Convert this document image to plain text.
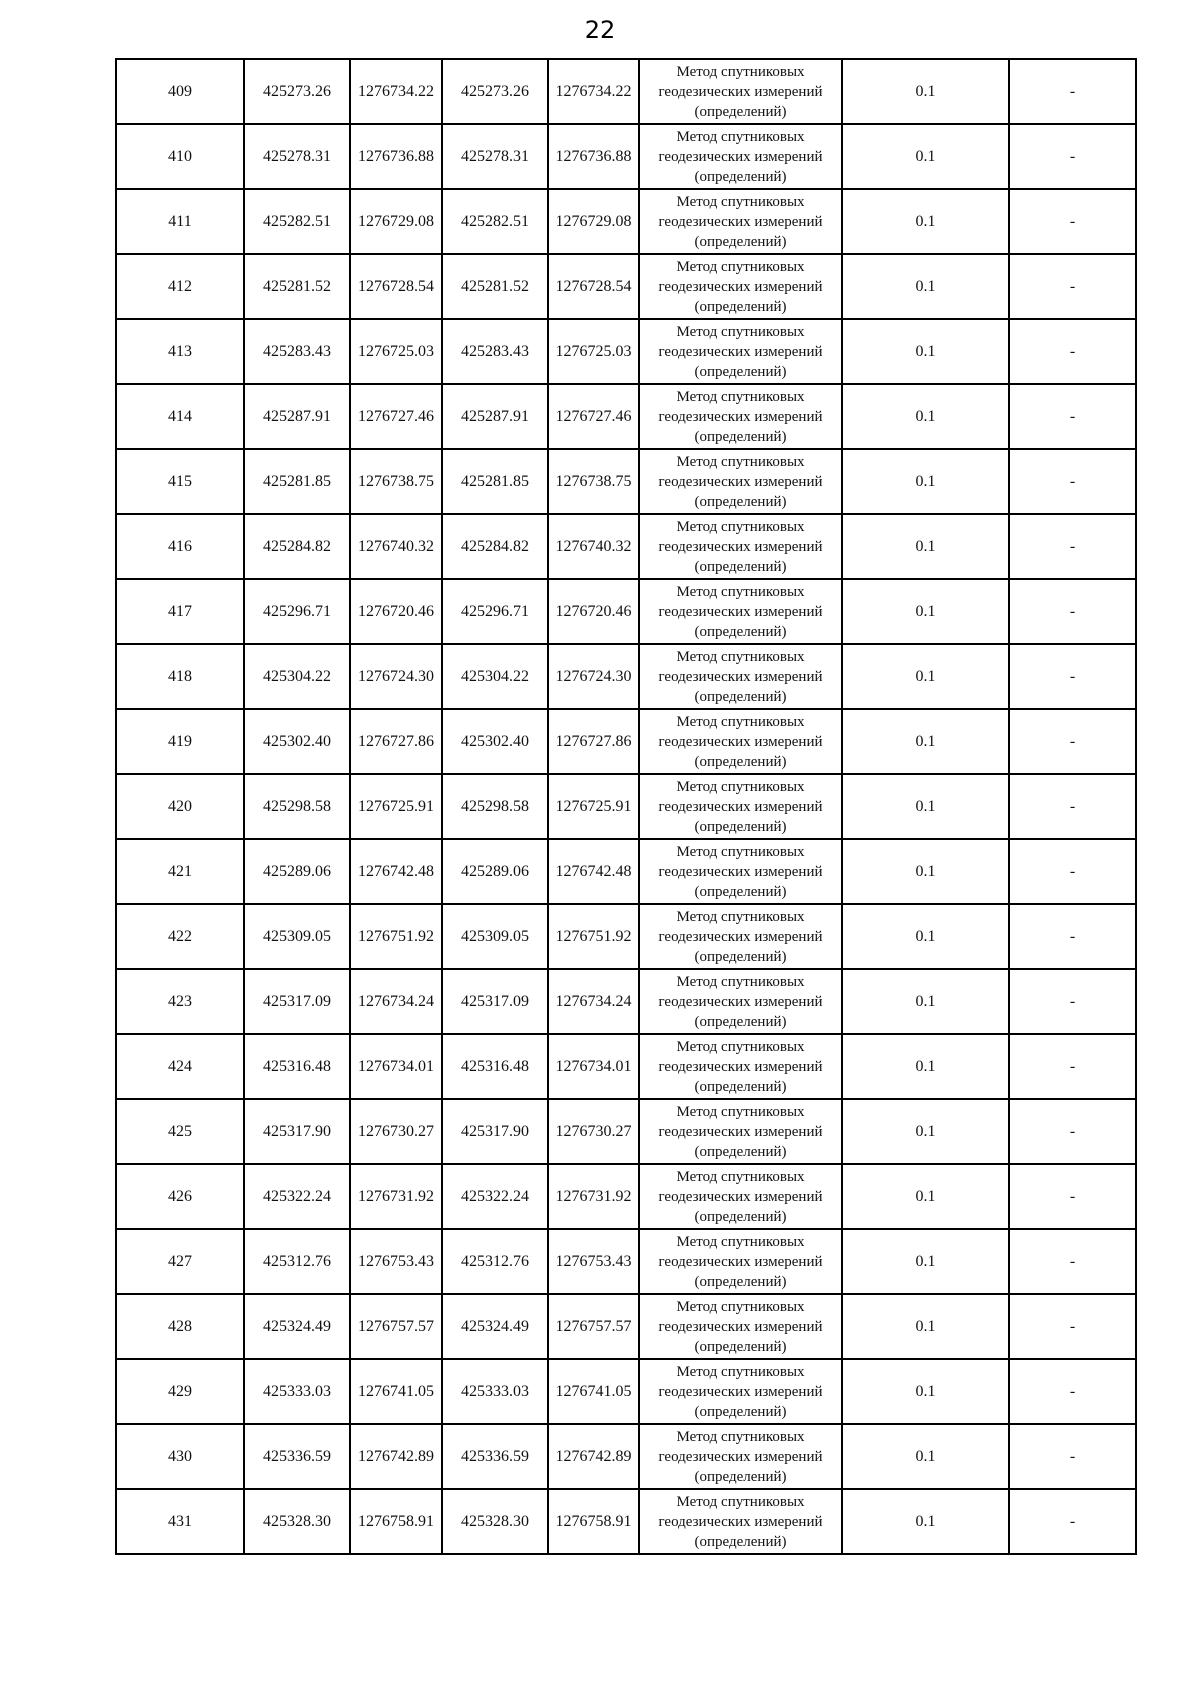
22
409	425273.26	1276734.22	425273.26	1276734.22	Метод спутниковых
геодезических измерений
(определений)	0.1	-
410	425278.31	1276736.88	425278.31	1276736.88	Метод спутниковых
геодезических измерений
(определений)	0.1	-
411	425282.51	1276729.08	425282.51	1276729.08	Метод спутниковых
геодезических измерений
(определений)	0.1	-
412	425281.52	1276728.54	425281.52	1276728.54	Метод спутниковых
геодезических измерений
(определений)	0.1	-
413	425283.43	1276725.03	425283.43	1276725.03	Метод спутниковых
геодезических измерений
(определений)	0.1	-
414	425287.91	1276727.46	425287.91	1276727.46	Метод спутниковых
геодезических измерений
(определений)	0.1	-
415	425281.85	1276738.75	425281.85	1276738.75	Метод спутниковых
геодезических измерений
(определений)	0.1	-
416	425284.82	1276740.32	425284.82	1276740.32	Метод спутниковых
геодезических измерений
(определений)	0.1	-
417	425296.71	1276720.46	425296.71	1276720.46	Метод спутниковых
геодезических измерений
(определений)	0.1	-
418	425304.22	1276724.30	425304.22	1276724.30	Метод спутниковых
геодезических измерений
(определений)	0.1	-
419	425302.40	1276727.86	425302.40	1276727.86	Метод спутниковых
геодезических измерений
(определений)	0.1	-
420	425298.58	1276725.91	425298.58	1276725.91	Метод спутниковых
геодезических измерений
(определений)	0.1	-
421	425289.06	1276742.48	425289.06	1276742.48	Метод спутниковых
геодезических измерений
(определений)	0.1	-
422	425309.05	1276751.92	425309.05	1276751.92	Метод спутниковых
геодезических измерений
(определений)	0.1	-
423	425317.09	1276734.24	425317.09	1276734.24	Метод спутниковых
геодезических измерений
(определений)	0.1	-
424	425316.48	1276734.01	425316.48	1276734.01	Метод спутниковых
геодезических измерений
(определений)	0.1	-
425	425317.90	1276730.27	425317.90	1276730.27	Метод спутниковых
геодезических измерений
(определений)	0.1	-
426	425322.24	1276731.92	425322.24	1276731.92	Метод спутниковых
геодезических измерений
(определений)	0.1	-
427	425312.76	1276753.43	425312.76	1276753.43	Метод спутниковых
геодезических измерений
(определений)	0.1	-
428	425324.49	1276757.57	425324.49	1276757.57	Метод спутниковых
геодезических измерений
(определений)	0.1	-
429	425333.03	1276741.05	425333.03	1276741.05	Метод спутниковых
геодезических измерений
(определений)	0.1	-
430	425336.59	1276742.89	425336.59	1276742.89	Метод спутниковых
геодезических измерений
(определений)	0.1	-
431	425328.30	1276758.91	425328.30	1276758.91	Метод спутниковых
геодезических измерений
(определений)	0.1	-
